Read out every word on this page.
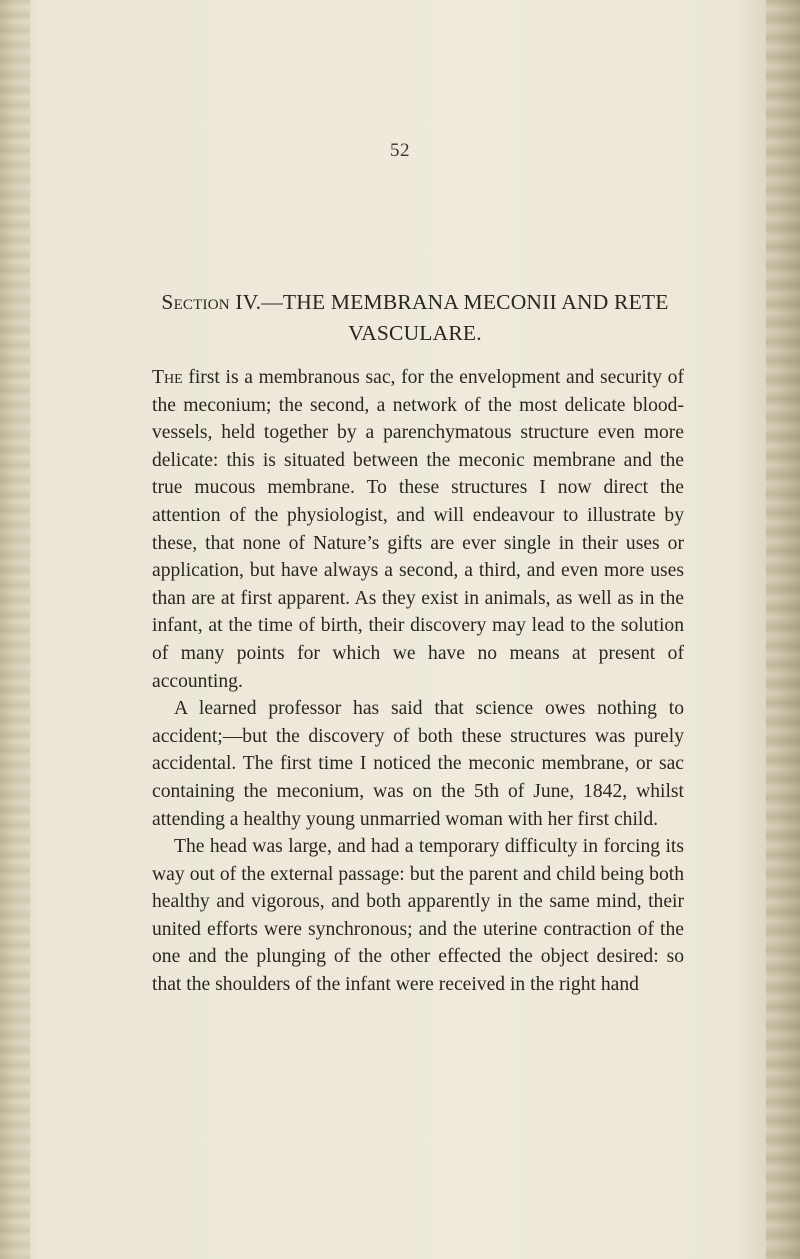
52
Section IV.—THE MEMBRANA MECONII AND RETE VASCULARE.

The first is a membranous sac, for the envelopment and security of the meconium; the second, a network of the most delicate blood-vessels, held together by a parenchymatous structure even more delicate: this is situated between the meconic membrane and the true mucous membrane. To these structures I now direct the attention of the physiologist, and will endeavour to illustrate by these, that none of Nature’s gifts are ever single in their uses or application, but have always a second, a third, and even more uses than are at first apparent. As they exist in animals, as well as in the infant, at the time of birth, their discovery may lead to the solution of many points for which we have no means at present of accounting.

A learned professor has said that science owes nothing to accident;—but the discovery of both these structures was purely accidental. The first time I noticed the meconic membrane, or sac containing the meconium, was on the 5th of June, 1842, whilst attending a healthy young unmarried woman with her first child.

The head was large, and had a temporary difficulty in forcing its way out of the external passage: but the parent and child being both healthy and vigorous, and both apparently in the same mind, their united efforts were synchronous; and the uterine contraction of the one and the plunging of the other effected the object desired: so that the shoulders of the infant were received in the right hand
